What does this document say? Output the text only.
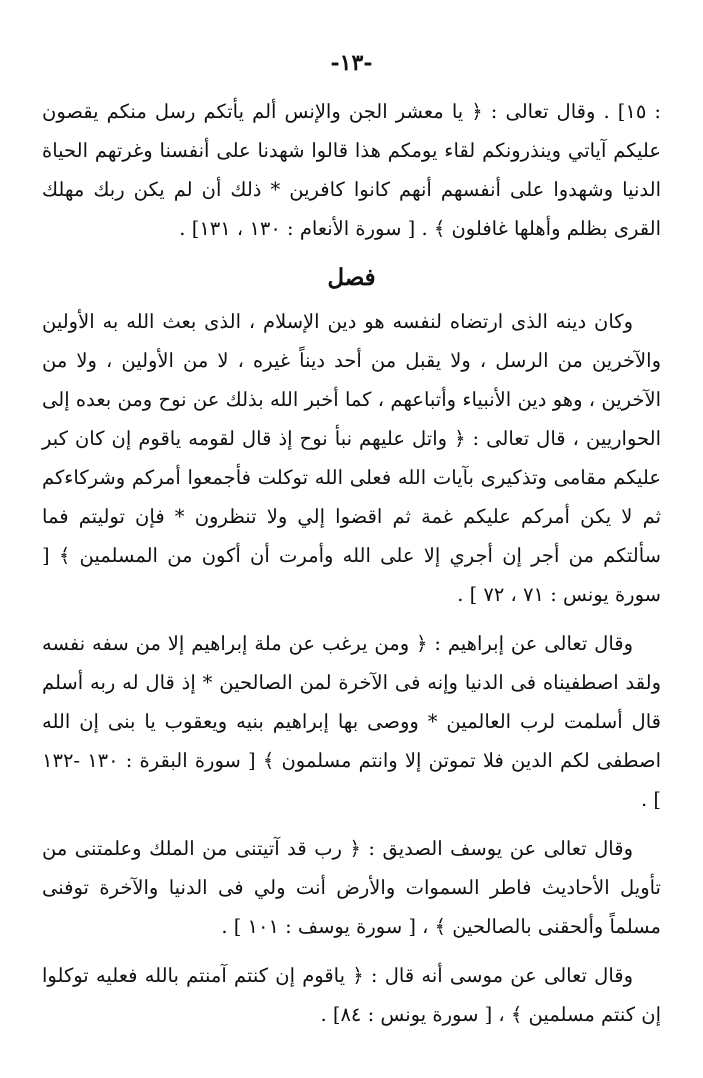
-١٣-

: ١٥] . وقال تعالى : ﴿ يا معشر الجن والإنس ألم يأتكم رسل منكم يقصون عليكم آياتي وينذرونكم لقاء يومكم هذا قالوا شهدنا على أنفسنا وغرتهم الحياة الدنيا وشهدوا على أنفسهم أنهم كانوا كافرين * ذلك أن لم يكن ربك مهلك القرى بظلم وأهلها غافلون ﴾ . [ سورة الأنعام : ١٣٠ ، ١٣١] .

فصل

وكان دينه الذى ارتضاه لنفسه هو دين الإسلام ، الذى بعث الله به الأولين والآخرين من الرسل ، ولا يقبل من أحد ديناً غيره ، لا من الأولين ، ولا من الآخرين ، وهو دين الأنبياء وأتباعهم ، كما أخبر الله بذلك عن نوح ومن بعده إلى الحواريين ، قال تعالى : ﴿ واتل عليهم نبأ نوح إذ قال لقومه ياقوم إن كان كبر عليكم مقامى وتذكيرى بآيات الله فعلى الله توكلت فأجمعوا أمركم وشركاءكم ثم لا يكن أمركم عليكم غمة ثم اقضوا إلي ولا تنظرون * فإن توليتم فما سألتكم من أجر إن أجري إلا على الله وأمرت أن أكون من المسلمين ﴾ [ سورة يونس : ٧١ ، ٧٢ ] .

وقال تعالى عن إبراهيم : ﴿ ومن يرغب عن ملة إبراهيم إلا من سفه نفسه ولقد اصطفيناه فى الدنيا وإنه فى الآخرة لمن الصالحين * إذ قال له ربه أسلم قال أسلمت لرب العالمين * ووصى بها إبراهيم بنيه ويعقوب يا بنى إن الله اصطفى لكم الدين فلا تموتن إلا وانتم مسلمون ﴾ [ سورة البقرة : ١٣٠ -١٣٢ ] .

وقال تعالى عن يوسف الصديق : ﴿ رب قد آتيتنى من الملك وعلمتنى من تأويل الأحاديث فاطر السموات والأرض أنت ولي فى الدنيا والآخرة توفنى مسلماً وألحقنى بالصالحين ﴾ ، [ سورة يوسف : ١٠١ ] .

وقال تعالى عن موسى أنه قال : ﴿ ياقوم إن كنتم آمنتم بالله فعليه توكلوا إن كنتم مسلمين ﴾ ، [ سورة يونس : ٨٤] .
